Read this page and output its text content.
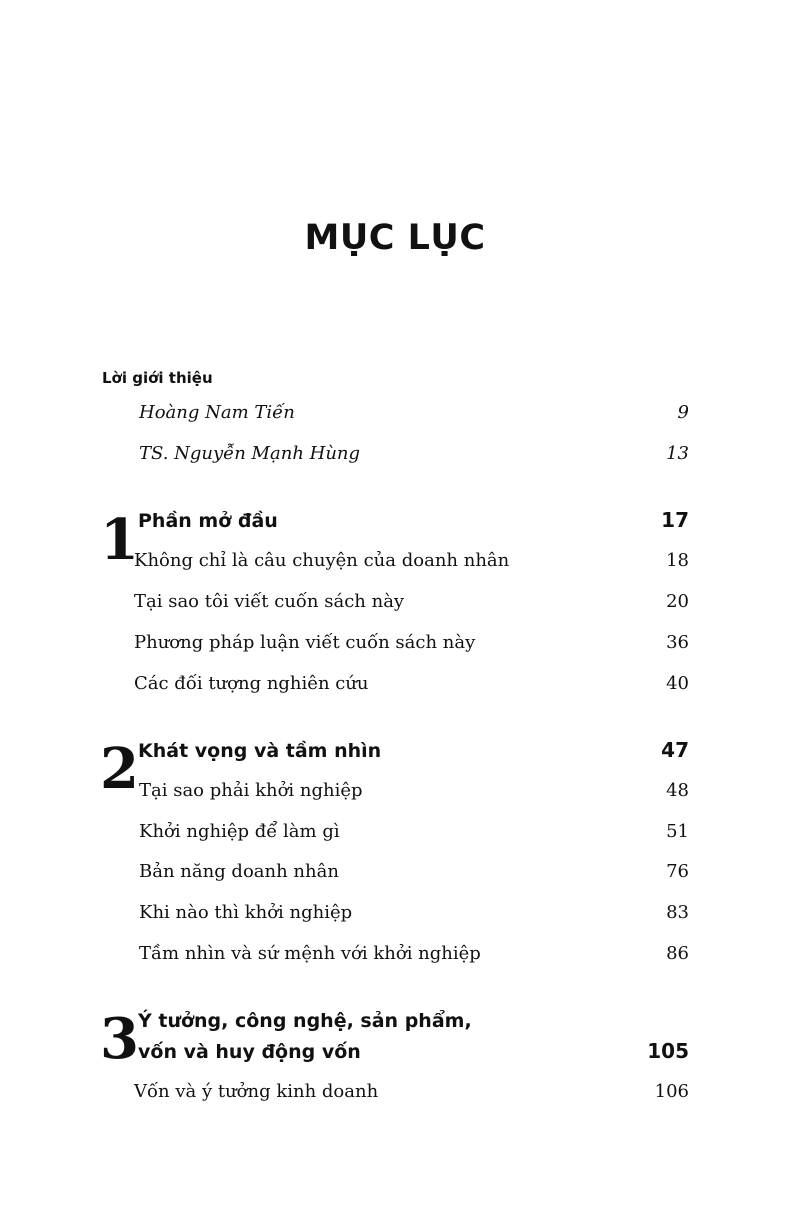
MỤC LỤC
Lời giới thiệu
Hoàng Nam Tiến	9
TS. Nguyễn Mạnh Hùng	13
1 Phần mở đầu	17
Không chỉ là câu chuyện của doanh nhân	18
Tại sao tôi viết cuốn sách này	20
Phương pháp luận viết cuốn sách này	36
Các đối tượng nghiên cứu	40
2 Khát vọng và tầm nhìn	47
Tại sao phải khởi nghiệp	48
Khởi nghiệp để làm gì	51
Bản năng doanh nhân	76
Khi nào thì khởi nghiệp	83
Tầm nhìn và sứ mệnh với khởi nghiệp	86
3 Ý tưởng, công nghệ, sản phẩm,
vốn và huy động vốn	105
Vốn và ý tưởng kinh doanh	106
